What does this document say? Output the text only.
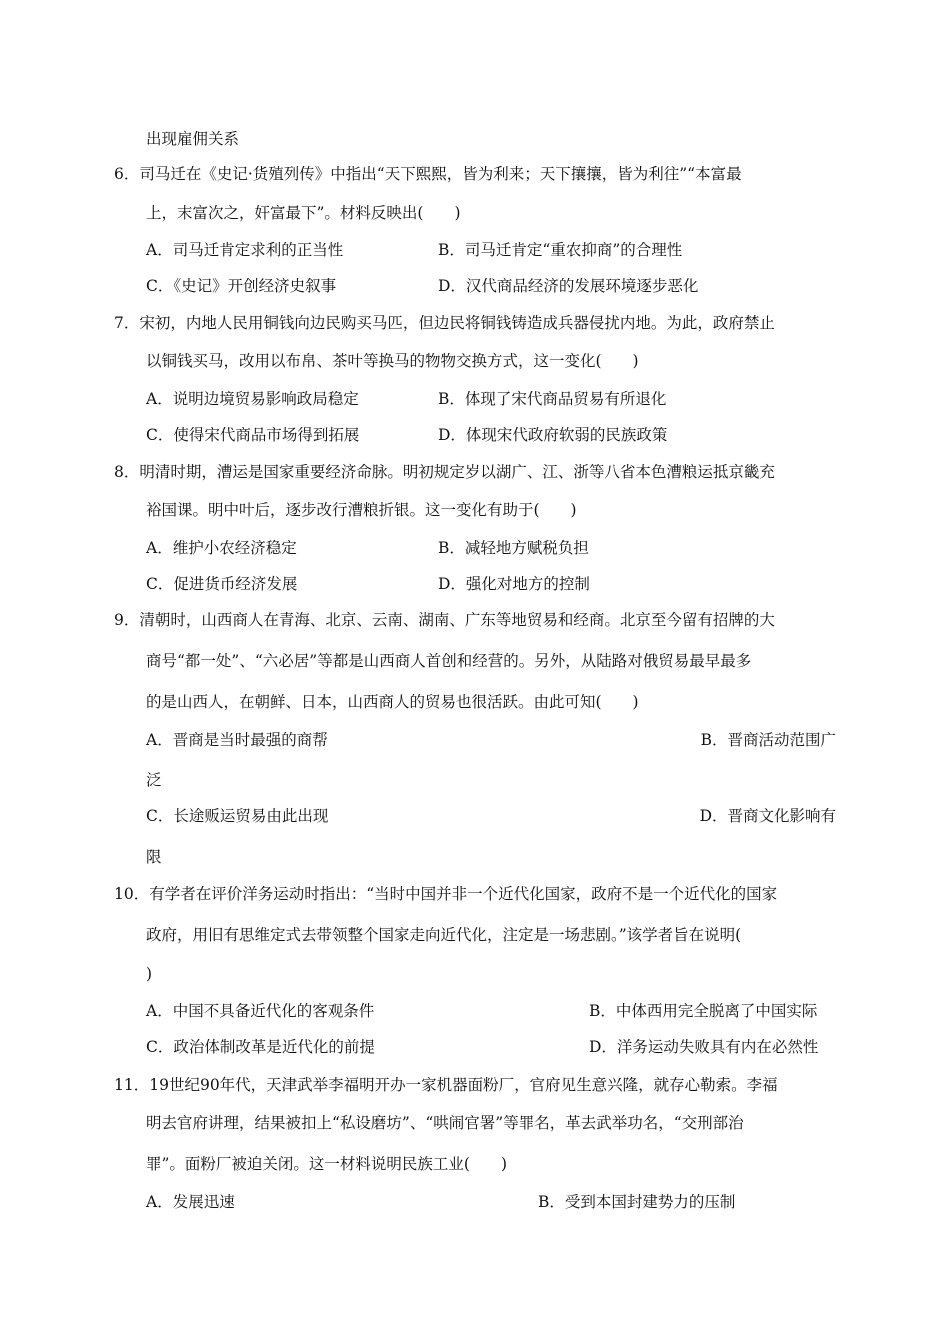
出现雇佣关系
6．司马迁在《史记·货殖列传》中指出“天下熙熙，皆为利来；天下攘攘，皆为利往”“本富最
上，末富次之，奸富最下”。材料反映出(　　)
A．司马迁肯定求利的正当性	B．司马迁肯定“重农抑商”的合理性
C．《史记》开创经济史叙事	D．汉代商品经济的发展环境逐步恶化
7．宋初，内地人民用铜钱向边民购买马匹，但边民将铜钱铸造成兵器侵扰内地。为此，政府禁止
以铜钱买马，改用以布帛、茶叶等换马的物物交换方式，这一变化(　　)
A．说明边境贸易影响政局稳定	B．体现了宋代商品贸易有所退化
C．使得宋代商品市场得到拓展	D．体现宋代政府软弱的民族政策
8．明清时期，漕运是国家重要经济命脉。明初规定岁以湖广、江、浙等八省本色漕粮运抵京畿充
裕国课。明中叶后，逐步改行漕粮折银。这一变化有助于(　　)
A．维护小农经济稳定	B．减轻地方赋税负担
C．促进货币经济发展	D．强化对地方的控制
9．清朝时，山西商人在青海、北京、云南、湖南、广东等地贸易和经商。北京至今留有招牌的大
商号“都一处”、“六必居”等都是山西商人首创和经营的。另外，从陆路对俄贸易最早最多
的是山西人，在朝鲜、日本，山西商人的贸易也很活跃。由此可知(　　)
A．晋商是当时最强的商帮	B．晋商活动范围广
泛
C．长途贩运贸易由此出现	D．晋商文化影响有
限
10．有学者在评价洋务运动时指出：“当时中国并非一个近代化国家，政府不是一个近代化的国家
政府，用旧有思维定式去带领整个国家走向近代化，注定是一场悲剧。”该学者旨在说明(
)
A．中国不具备近代化的客观条件	B．中体西用完全脱离了中国实际
C．政治体制改革是近代化的前提	D．洋务运动失败具有内在必然性
11．19世纪90年代，天津武举李福明开办一家机器面粉厂，官府见生意兴隆，就存心勒索。李福
明去官府讲理，结果被扣上“私设磨坊”、“哄闹官署”等罪名，革去武举功名，“交刑部治
罪”。面粉厂被迫关闭。这一材料说明民族工业(　　)
A．发展迅速	B．受到本国封建势力的压制
